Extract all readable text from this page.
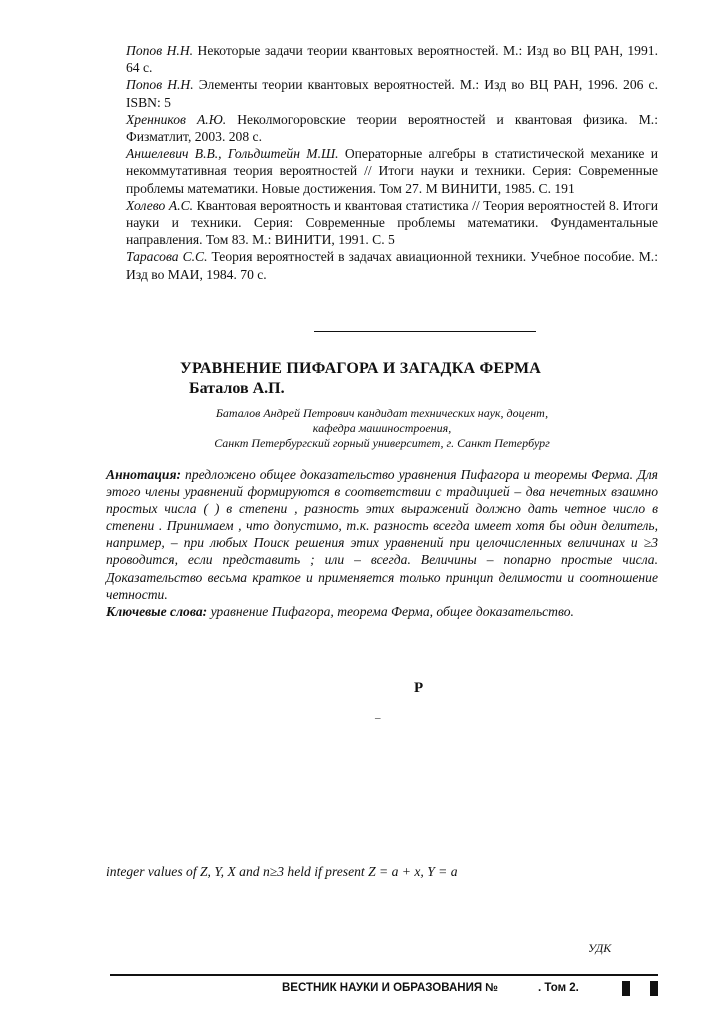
Попов Н.Н. Некоторые задачи теории квантовых вероятностей. М.: Изд во ВЦ РАН, 1991. 64 с.

Попов Н.Н. Элементы теории квантовых вероятностей. М.: Изд во ВЦ РАН, 1996. 206 с. ISBN: 5

Хренников А.Ю. Неколмогоровские теории вероятностей и квантовая физика. М.: Физматлит, 2003. 208 с.

Аншелевич В.В., Гольдштейн М.Ш. Операторные алгебры в статистической механике и некоммутативная теория вероятностей // Итоги науки и техники. Серия: Современные проблемы математики. Новые достижения. Том 27. М ВИНИТИ, 1985. С. 191

Холево А.С. Квантовая вероятность и квантовая статистика // Теория вероятностей 8. Итоги науки и техники. Серия: Современные проблемы математики. Фундаментальные направления. Том 83. М.: ВИНИТИ, 1991. С. 5

Тарасова С.С. Теория вероятностей в задачах авиационной техники. Учебное пособие. М.: Изд во МАИ, 1984. 70 с.

УРАВНЕНИЕ ПИФАГОРА И ЗАГАДКА ФЕРМА
Баталов А.П.
Баталов Андрей Петрович кандидат технических наук, доцент,
кафедра машиностроения,
Санкт Петербургский горный университет, г. Санкт Петербург

Аннотация: предложено общее доказательство уравнения Пифагора и теоремы Ферма. Для этого члены уравнений формируются в соответствии с традицией – два нечетных взаимно простых числа ( ) в степени , разность этих выражений должно дать четное число в степени . Принимаем , что допустимо, т.к. разность всегда имеет хотя бы один делитель, например, – при любых Поиск решения этих уравнений при целочисленных величинах и ≥3 проводится, если представить ; или – всегда. Величины – попарно простые числа. Доказательство весьма краткое и применяется только принцип делимости и соотношение четности.

Ключевые слова: уравнение Пифагора, теорема Ферма, общее доказательство.

P
–
integer values of Z, Y, X and n≥3 held if present Z = a + x, Y = a
УДК
ВЕСТНИК НАУКИ И ОБРАЗОВАНИЯ №	. Том 2.
